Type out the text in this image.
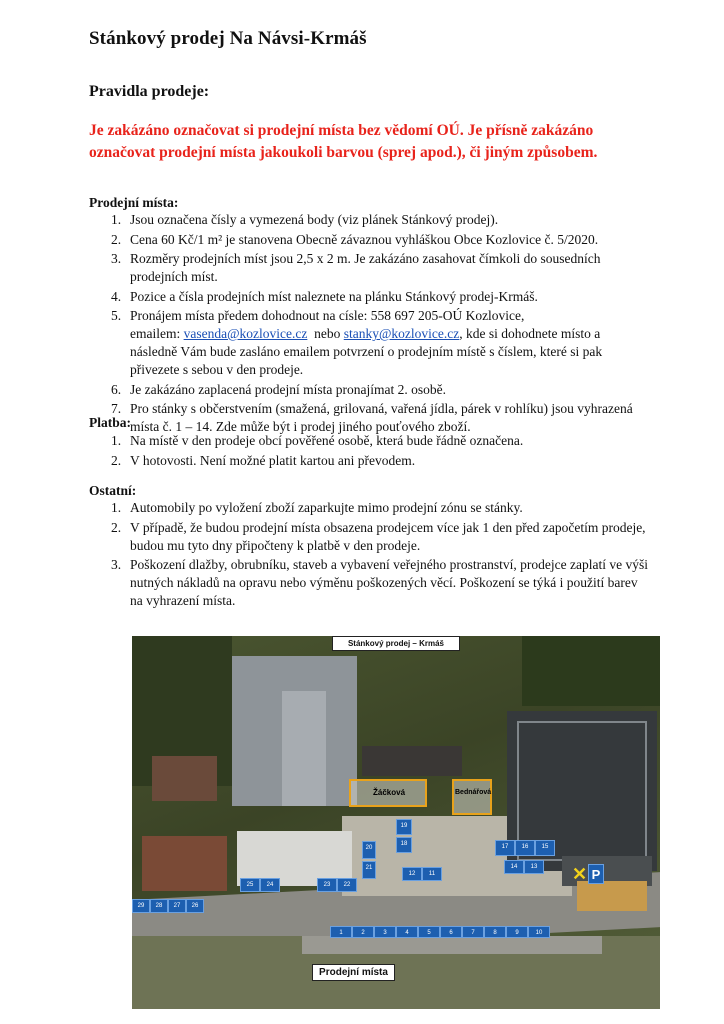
Stánkový prodej Na Návsi-Krmáš
Pravidla prodeje:

Je zakázáno označovat si prodejní místa bez vědomí OÚ. Je přísně zakázáno označovat prodejní místa jakoukoli barvou (sprej apod.), či jiným způsobem.

Prodejní místa:

1. Jsou označena čísly a vymezená body (viz plánek Stánkový prodej).
2. Cena 60 Kč/1 m² je stanovena Obecně závaznou vyhláškou Obce Kozlovice č. 5/2020.
3. Rozměry prodejních míst jsou 2,5 x 2 m. Je zakázáno zasahovat čímkoli do sousedních prodejních míst.
4. Pozice a čísla prodejních míst naleznete na plánku Stánkový prodej-Krmáš.
5. Pronájem místa předem dohodnout na císle: 558 697 205-OÚ Kozlovice,
emailem: vasenda@kozlovice.cz nebo stanky@kozlovice.cz, kde si dohodnete místo a následně Vám bude zasláno emailem potvrzení o prodejním místě s číslem, které si pak přivezete s sebou v den prodeje.
6. Je zakázáno zaplacená prodejní místa pronajímat 2. osobě.
7. Pro stánky s občerstvením (smažená, grilovaná, vařená jídla, párek v rohlíku) jsou vyhrazená místa č. 1 – 14. Zde může být i prodej jiného pouťového zboží.

Platba:

1. Na místě v den prodeje obcí pověřené osobě, která bude řádně označena.
2. V hotovosti. Není možné platit kartou ani převodem.

Ostatní:

1. Automobily po vyložení zboží zaparkujte mimo prodejní zónu se stánky.
2. V případě, že budou prodejní místa obsazena prodejcem více jak 1 den před započetím prodeje, budou mu tyto dny připočteny k platbě v den prodeje.
3. Poškození dlažby, obrubníku, staveb a vybavení veřejného prostranství, prodejce zaplatí ve výši nutných nákladů na opravu nebo výměnu poškozených věcí. Poškození se týká i použití barev na vyhrazení místa.
Žáčková	Bednářová
29	28	27	26
25	24	23	22
21
20
19
18	17	16	15
14	13
12	11
10
9
8
7
6
5
4
3
2
1
✕ P
Stánkový prodej – Krmáš
Prodejní místa
